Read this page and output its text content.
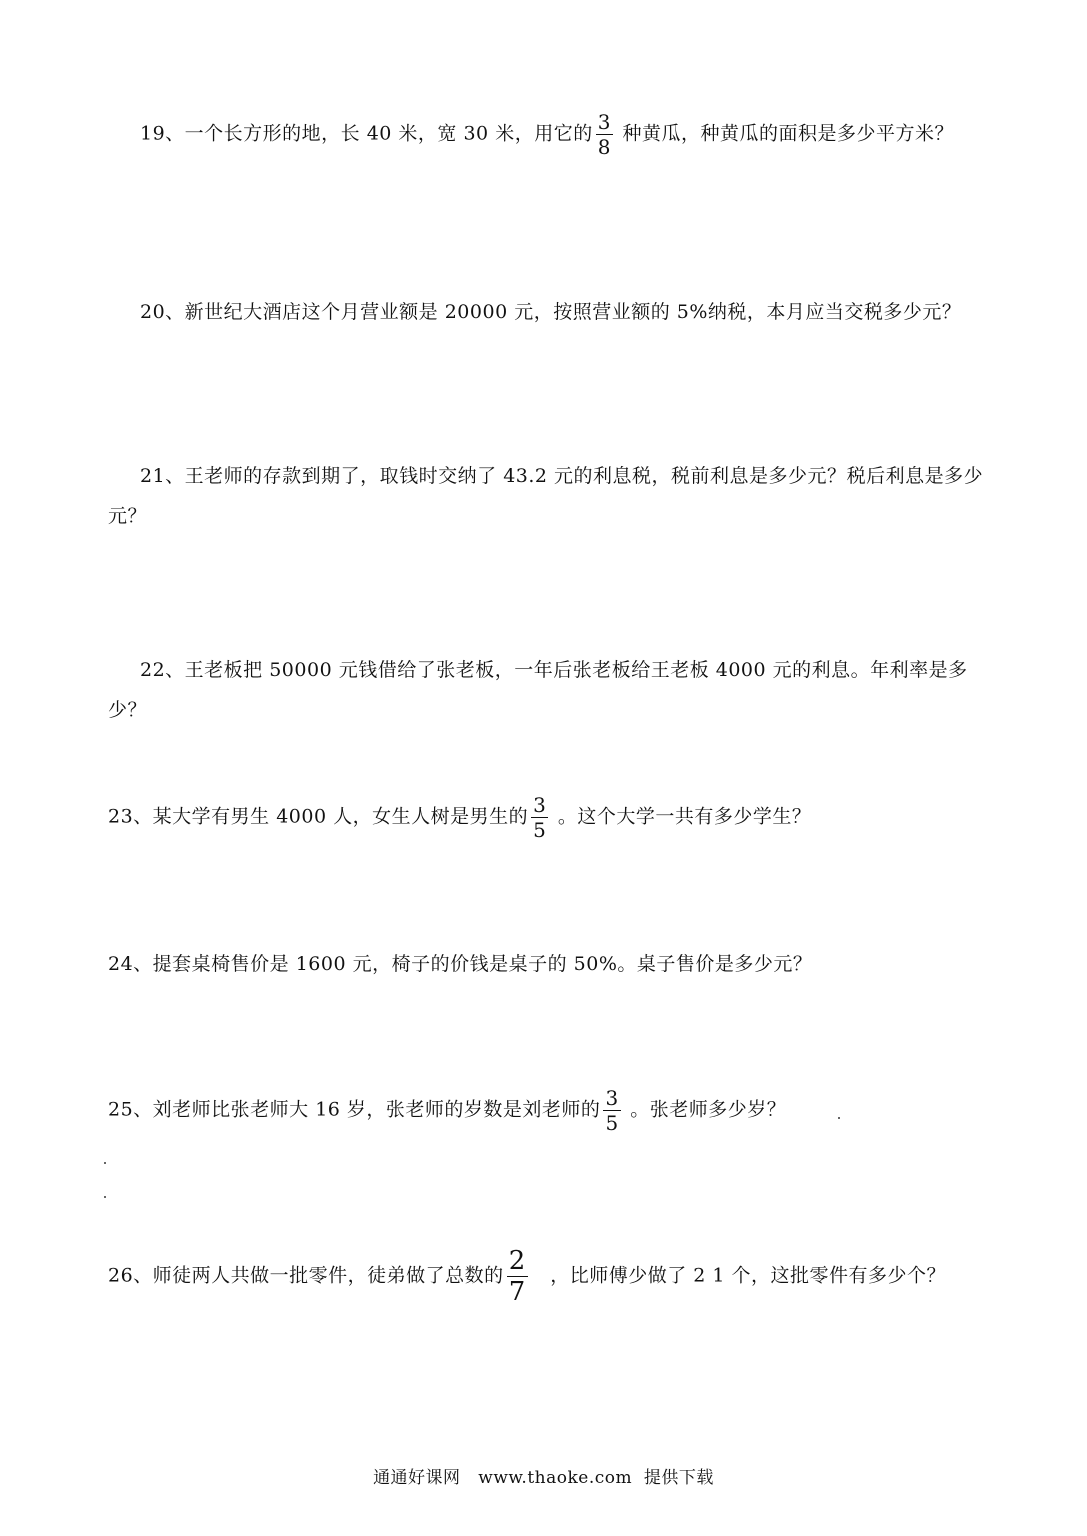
19、一个长方形的地，长 40 米，宽 30 米，用它的 $\frac{3}{8}$ 种黄瓜，种黄瓜的面积是多少平方米？
20、新世纪大酒店这个月营业额是 20000 元，按照营业额的 5%纳税，本月应当交税多少元？
21、王老师的存款到期了，取钱时交纳了 43.2 元的利息税，税前利息是多少元？税后利息是多少元？
22、王老板把 50000 元钱借给了张老板，一年后张老板给王老板 4000 元的利息。年利率是多少？
23、某大学有男生 4000 人，女生人树是男生的 $\frac{3}{5}$ 。这个大学一共有多少学生？
24、提套桌椅售价是 1600 元，椅子的价钱是桌子的 50%。桌子售价是多少元？
25、刘老师比张老师大 16 岁，张老师的岁数是刘老师的 $\frac{3}{5}$ 。张老师多少岁？
26、师徒两人共做一批零件，徒弟做了总数的 $\frac{2}{7}$ 　，比师傅少做了 2 1 个，这批零件有多少个？
通通好课网   www.thaoke.com  提供下载
